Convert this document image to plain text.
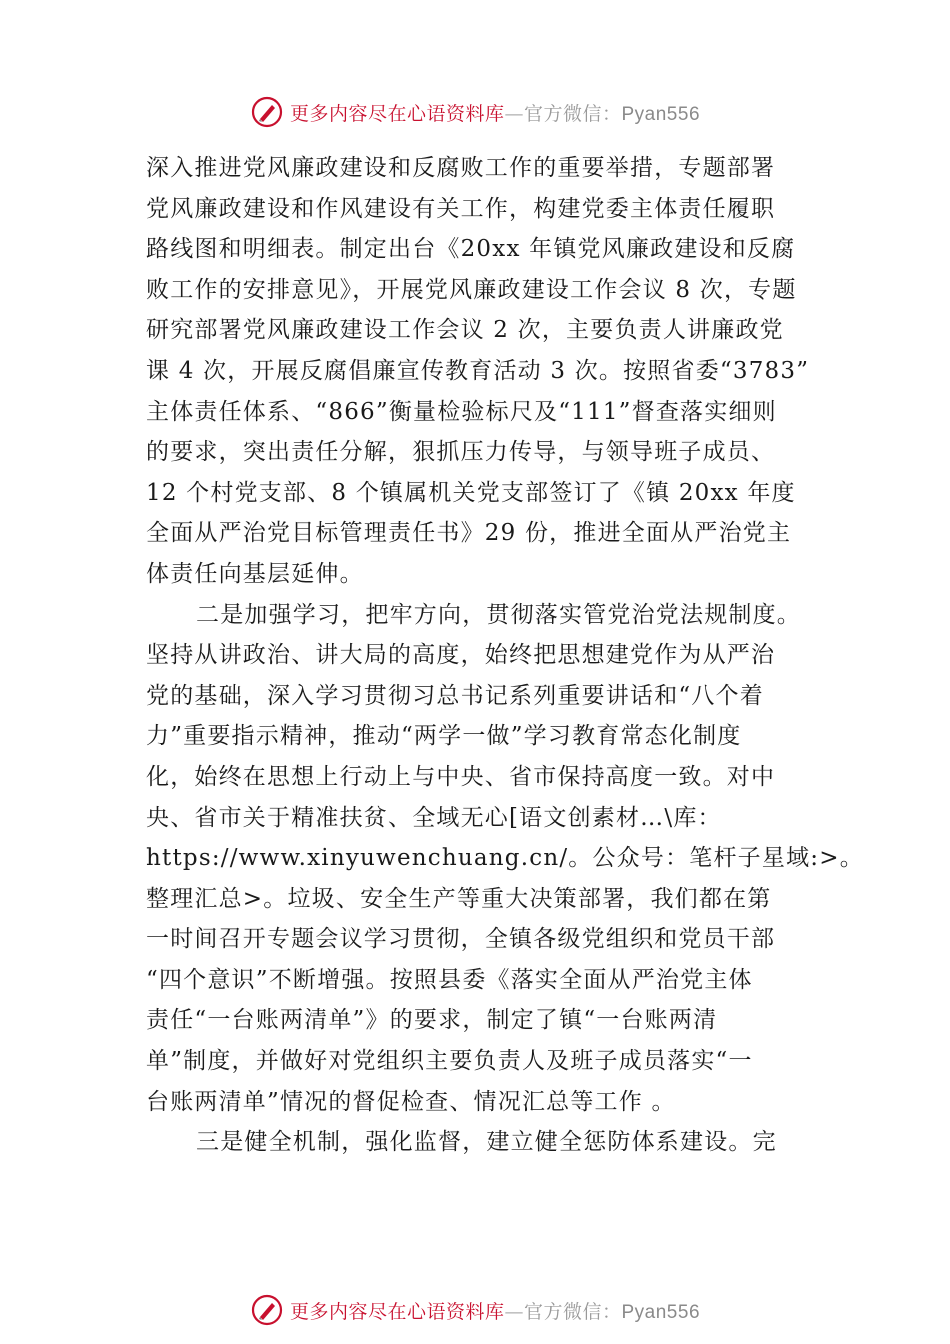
更多内容尽在心语资料库—官方微信：Pyan556
深入推进党风廉政建设和反腐败工作的重要举措，专题部署
党风廉政建设和作风建设有关工作，构建党委主体责任履职
路线图和明细表。制定出台《20xx 年镇党风廉政建设和反腐
败工作的安排意见》，开展党风廉政建设工作会议 8 次，专题
研究部署党风廉政建设工作会议 2 次，主要负责人讲廉政党
课 4 次，开展反腐倡廉宣传教育活动 3 次。按照省委“3783”
主体责任体系、“866”衡量检验标尺及“111”督查落实细则
的要求，突出责任分解，狠抓压力传导，与领导班子成员、
12 个村党支部、8 个镇属机关党支部签订了《镇 20xx 年度
全面从严治党目标管理责任书》29 份，推进全面从严治党主
体责任向基层延伸。
二是加强学习，把牢方向，贯彻落实管党治党法规制度。
坚持从讲政治、讲大局的高度，始终把思想建党作为从严治
党的基础，深入学习贯彻习总书记系列重要讲话和“八个着
力”重要指示精神，推动“两学一做”学习教育常态化制度
化，始终在思想上行动上与中央、省市保持高度一致。对中
央、省市关于精准扶贫、全域无心[语文创素材…\库：
https://www.xinyuwenchuang.cn/。公众号：笔杆子星域:>。
整理汇总>。垃圾、安全生产等重大决策部署，我们都在第
一时间召开专题会议学习贯彻，全镇各级党组织和党员干部
“四个意识”不断增强。按照县委《落实全面从严治党主体
责任“一台账两清单”》的要求，制定了镇“一台账两清
单”制度，并做好对党组织主要负责人及班子成员落实“一
台账两清单”情况的督促检查、情况汇总等工作 。
三是健全机制，强化监督，建立健全惩防体系建设。完
更多内容尽在心语资料库—官方微信：Pyan556
